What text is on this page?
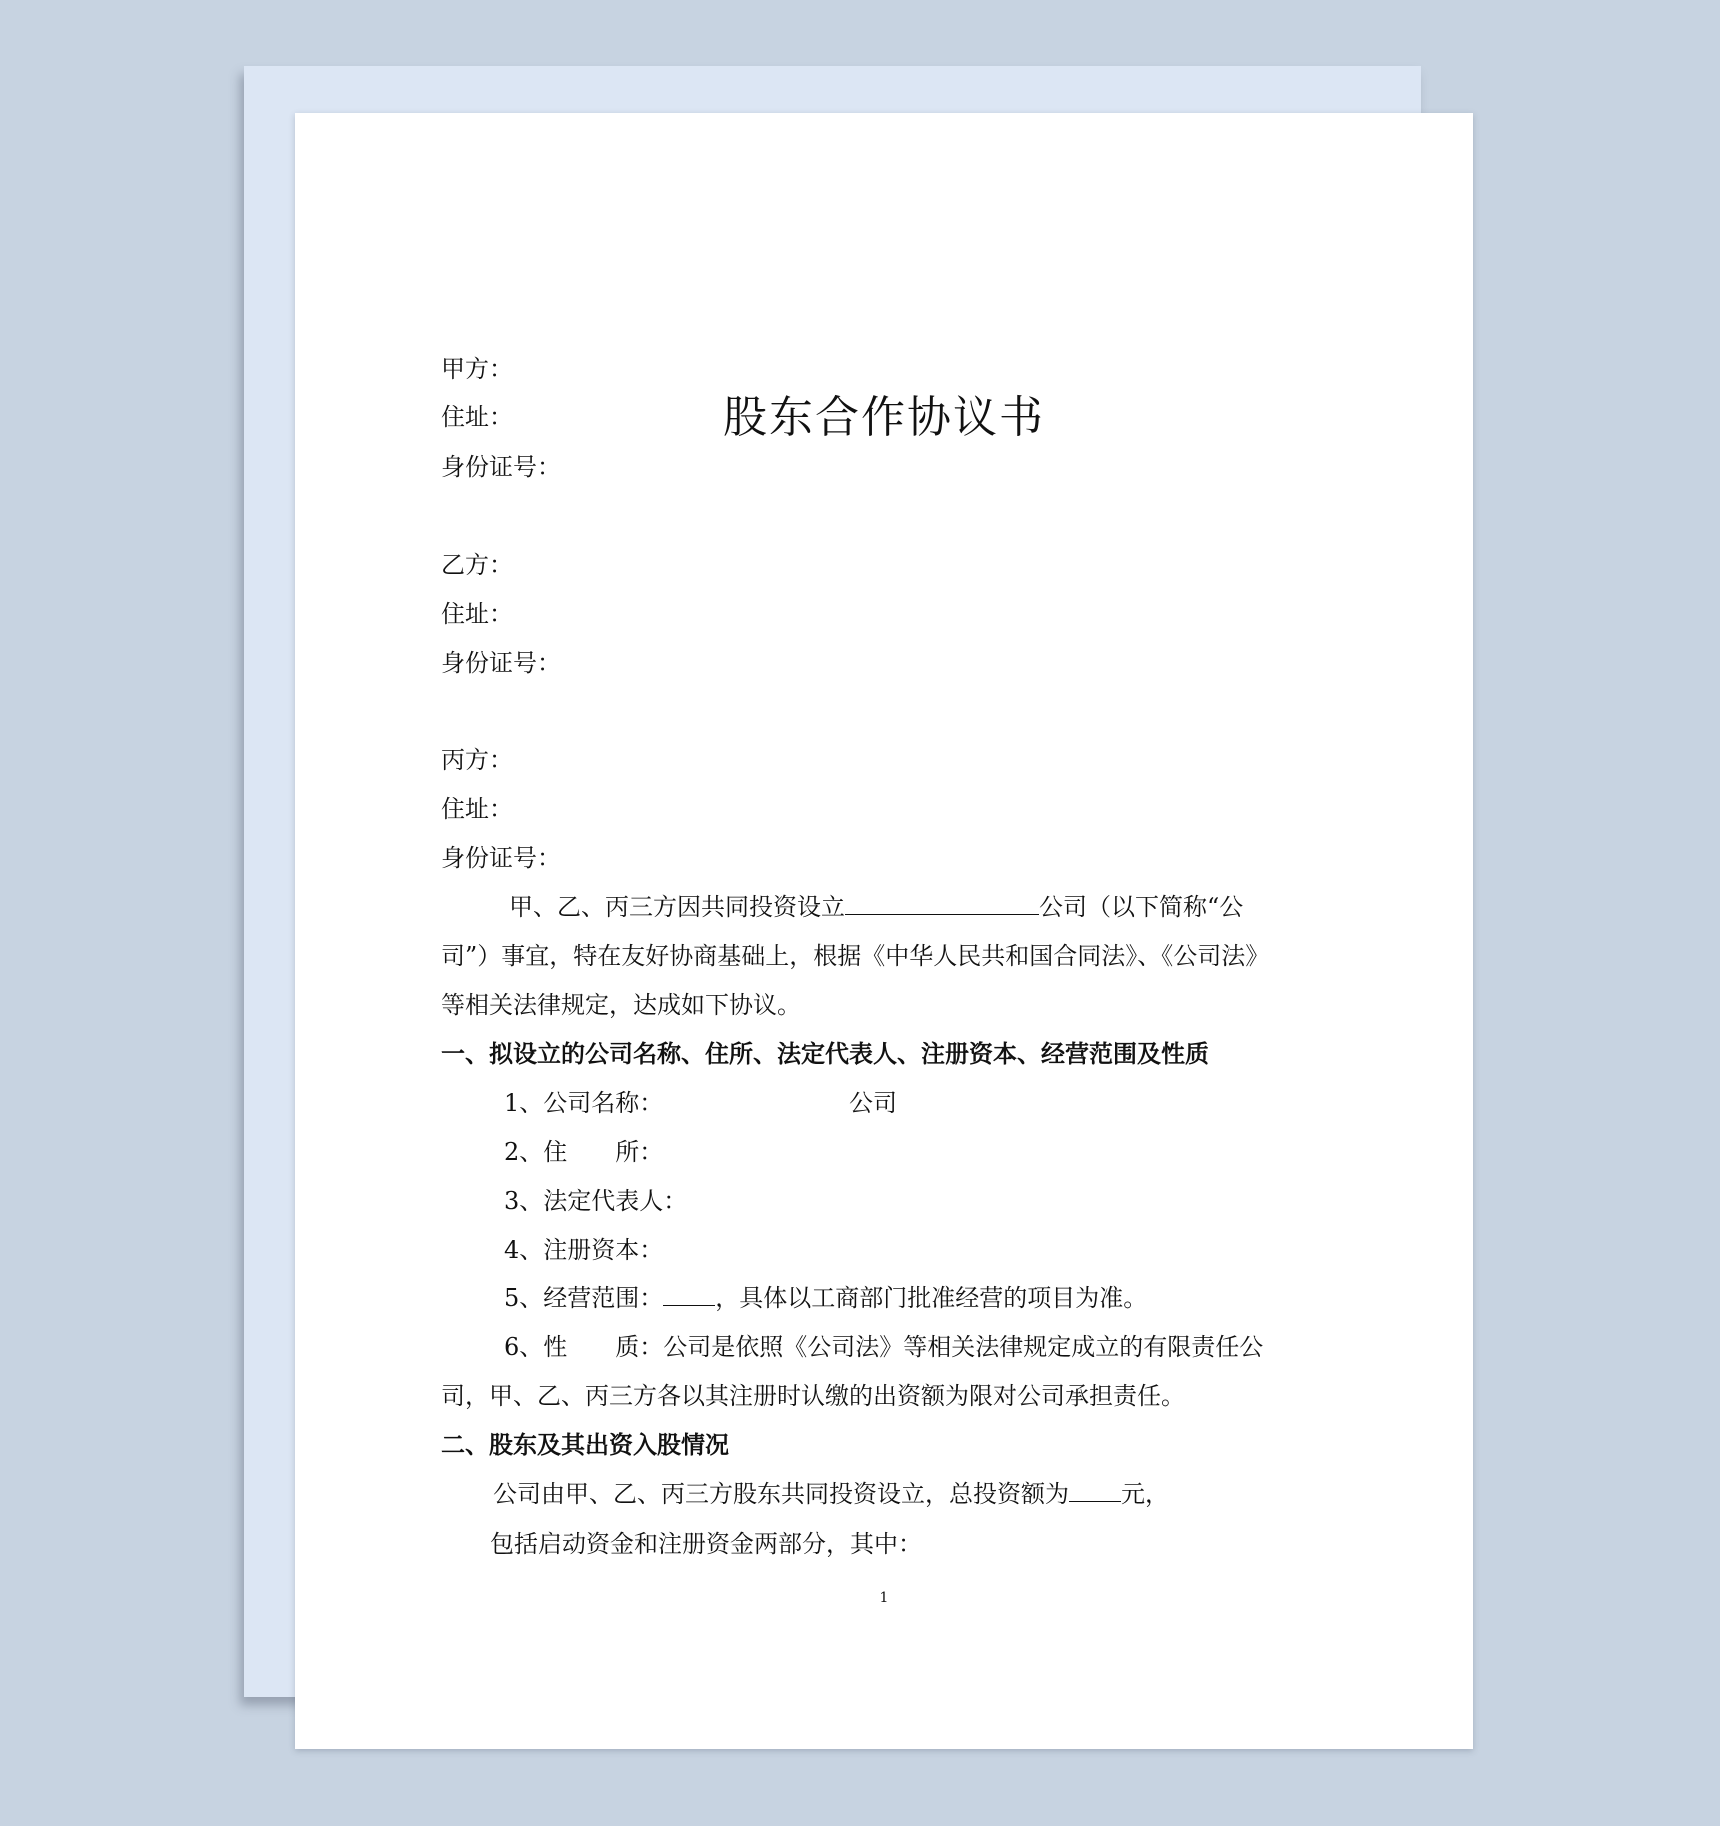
股东合作协议书
甲方：
住址：
身份证号：
乙方：
住址：
身份证号：
丙方：
住址：
身份证号：
甲、乙、丙三方因共同投资设立	公司（以下简称“公
司”）事宜，特在友好协商基础上，根据《中华人民共和国合同法》、《公司法》
等相关法律规定，达成如下协议。
一、拟设立的公司名称、住所、法定代表人、注册资本、经营范围及性质
1、公司名称：	公司
2、住　　所：
3、法定代表人：
4、注册资本：
5、经营范围： ，具体以工商部门批准经营的项目为准。
6、性　　质：公司是依照《公司法》等相关法律规定成立的有限责任公
司，甲、乙、丙三方各以其注册时认缴的出资额为限对公司承担责任。
二、股东及其出资入股情况
公司由甲、乙、丙三方股东共同投资设立，总投资额为 元，
包括启动资金和注册资金两部分，其中：
1
